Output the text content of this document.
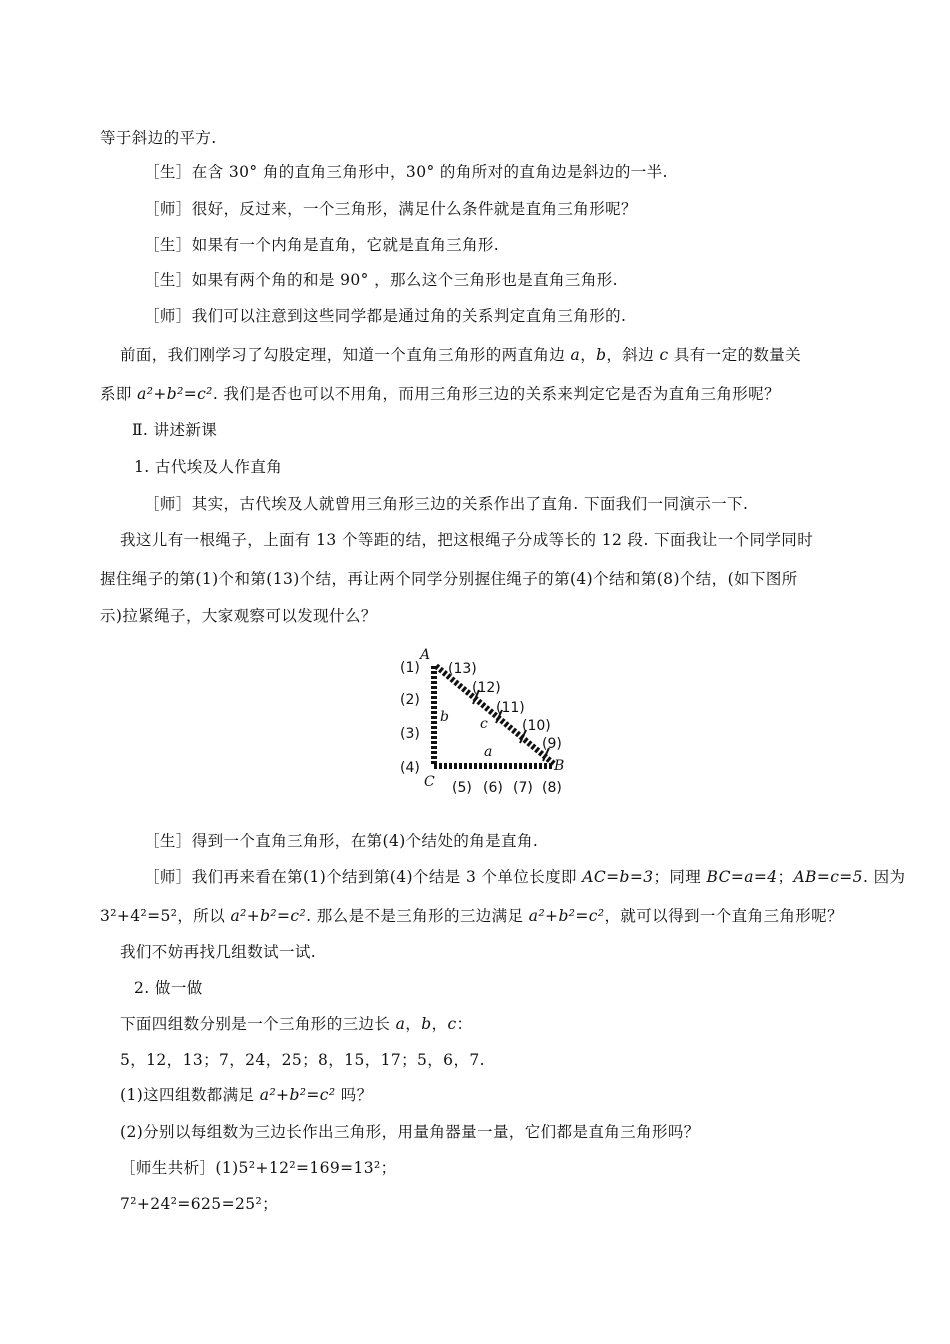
等于斜边的平方.
［生］在含 30° 角的直角三角形中，30° 的角所对的直角边是斜边的一半.
［师］很好，反过来，一个三角形，满足什么条件就是直角三角形呢？
［生］如果有一个内角是直角，它就是直角三角形.
［生］如果有两个角的和是 90° ，那么这个三角形也是直角三角形.
［师］我们可以注意到这些同学都是通过角的关系判定直角三角形的.
前面，我们刚学习了勾股定理，知道一个直角三角形的两直角边 a，b，斜边 c 具有一定的数量关
系即 a²+b²=c². 我们是否也可以不用角，而用三角形三边的关系来判定它是否为直角三角形呢？
Ⅱ. 讲述新课
1. 古代埃及人作直角
［师］其实，古代埃及人就曾用三角形三边的关系作出了直角. 下面我们一同演示一下.
我这儿有一根绳子，上面有 13 个等距的结，把这根绳子分成等长的 12 段. 下面我让一个同学同时
握住绳子的第(1)个和第(13)个结，再让两个同学分别握住绳子的第(4)个结和第(8)个结，(如下图所
示)拉紧绳子，大家观察可以发现什么？
A
B
C
b
a
c
(1)
(2)
(3)
(4)
(5) (6) (7) (8)
(9)
(10)
(11)
(12)
(13)
［生］得到一个直角三角形，在第(4)个结处的角是直角.
［师］我们再来看在第(1)个结到第(4)个结是 3 个单位长度即 AC=b=3；同理 BC=a=4；AB=c=5. 因为
3²+4²=5²，所以 a²+b²=c². 那么是不是三角形的三边满足 a²+b²=c²，就可以得到一个直角三角形呢？
我们不妨再找几组数试一试.
2. 做一做
下面四组数分别是一个三角形的三边长 a，b，c：
5，12，13；7，24，25；8，15，17；5，6，7.
(1)这四组数都满足 a²+b²=c² 吗？
(2)分别以每组数为三边长作出三角形，用量角器量一量，它们都是直角三角形吗？
［师生共析］(1)5²+12²=169=13²；
7²+24²=625=25²；
